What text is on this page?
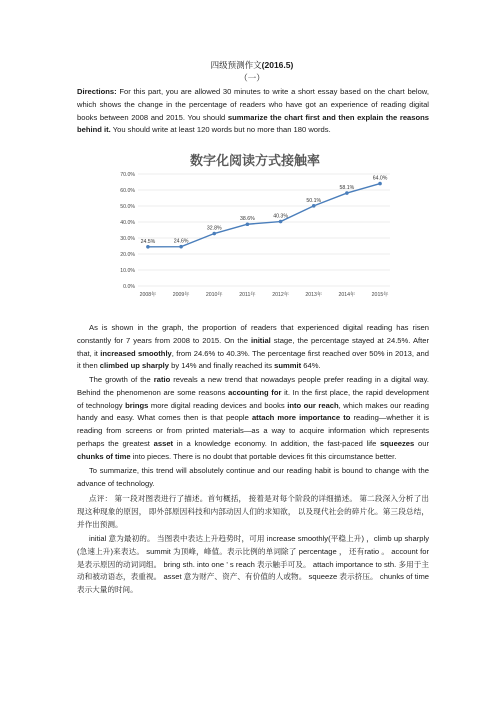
四级预测作文(2016.5)
（一）
Directions: For this part, you are allowed 30 minutes to write a short essay based on the chart below, which shows the change in the percentage of readers who have got an experience of reading digital books between 2008 and 2015. You should summarize the chart first and then explain the reasons behind it. You should write at least 120 words but no more than 180 words.
数字化阅读方式接触率
0.0%
10.0%
20.0%
30.0%
40.0%
50.0%
60.0%
70.0%
2008年	2009年	2010年	2011年	2012年	2013年	2014年	2015年
24.5%	24.6%
32.8%
38.6%	40.3%
50.1%
58.1%
64.0%
As is shown in the graph, the proportion of readers that experienced digital reading has risen constantly for 7 years from 2008 to 2015. On the initial stage, the percentage stayed at 24.5%. After that, it increased smoothly, from 24.6% to 40.3%. The percentage first reached over 50% in 2013, and it then climbed up sharply by 14% and finally reached its summit 64%.
The growth of the ratio reveals a new trend that nowadays people prefer reading in a digital way. Behind the phenomenon are some reasons accounting for it. In the first place, the rapid development of technology brings more digital reading devices and books into our reach, which makes our reading handy and easy. What comes then is that people attach more importance to reading—whether it is reading from screens or from printed materials—as a way to acquire information which represents perhaps the greatest asset in a knowledge economy. In addition, the fast-paced life squeezes our chunks of time into pieces. There is no doubt that portable devices fit this circumstance better.
To summarize, this trend will absolutely continue and our reading habit is bound to change with the advance of technology.
点评： 第一段对图表进行了描述。首句概括， 接着是对每个阶段的详细描述。 第二段深入分析了出现这种现象的原因， 即外部原因科技和内部动因人们的求知欲， 以及现代社会的碎片化。第三段总结，并作出预测。
initial 意为最初的。 当图表中表达上升趋势时，可用 increase smoothly(平稳上升) ，climb up sharply (急速上升)来表达。 summit 为顶峰，峰值。表示比例的单词除了 percentage ， 还有ratio 。 account for 是表示原因的动词词组。 bring sth. into one ’ s reach 表示触手可及。 attach importance to sth. 多用于主动和被动语态，表重视。 asset 意为财产、资产、有价值的人或物。 squeeze 表示挤压。 chunks of time 表示大量的时间。
